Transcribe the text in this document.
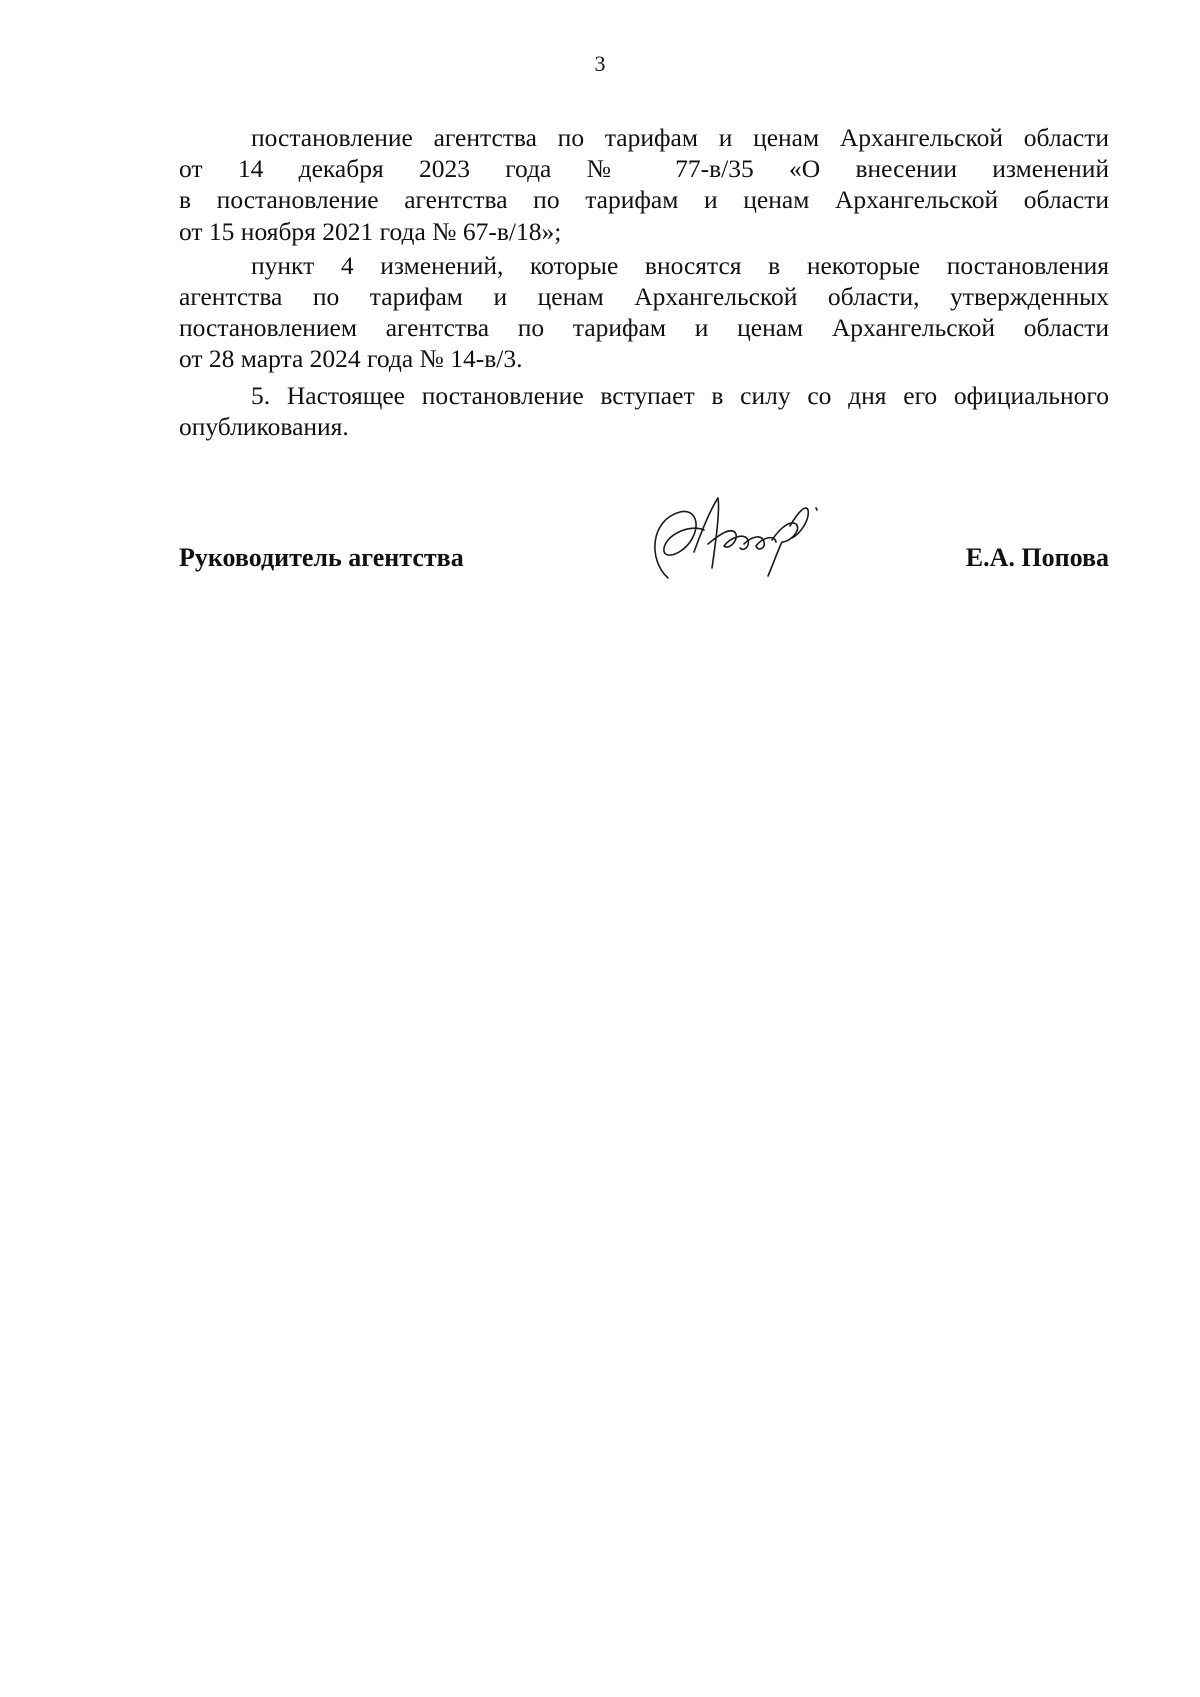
3

постановление агентства по тарифам и ценам Архангельской области
от 14 декабря 2023 года № 77-в/35 «О внесении изменений
в постановление агентства по тарифам и ценам Архангельской области
от 15 ноября 2021 года № 67-в/18»;

пункт 4 изменений, которые вносятся в некоторые постановления
агентства по тарифам и ценам Архангельской области, утвержденных
постановлением агентства по тарифам и ценам Архангельской области
от 28 марта 2024 года № 14-в/3.

5. Настоящее постановление вступает в силу со дня его официального
опубликования.

Руководитель агентства	Е.А. Попова
